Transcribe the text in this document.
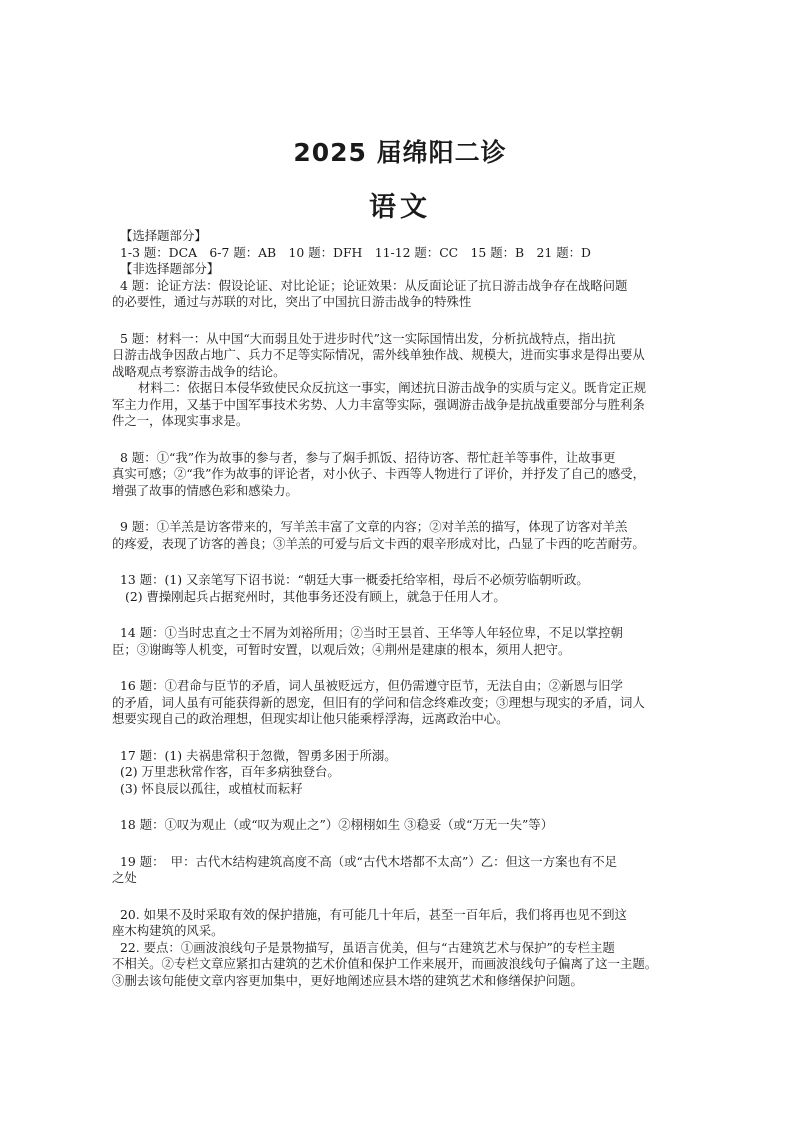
2025 届绵阳二诊
语文
【选择题部分】
1-3 题：DCA　6-7 题：AB　10 题：DFH　11-12 题：CC　15 题：B　21 题：D
【非选择题部分】
4 题：论证方法：假设论证、对比论证；论证效果：从反面论证了抗日游击战争存在战略问题
的必要性，通过与苏联的对比，突出了中国抗日游击战争的特殊性
5 题：材料一：从中国“大而弱且处于进步时代”这一实际国情出发，分析抗战特点，指出抗
日游击战争因敌占地广、兵力不足等实际情况，需外线单独作战、规模大，进而实事求是得出要从
战略观点考察游击战争的结论。
材料二：依据日本侵华致使民众反抗这一事实，阐述抗日游击战争的实质与定义。既肯定正规
军主力作用，又基于中国军事技术劣势、人力丰富等实际，强调游击战争是抗战重要部分与胜利条
件之一，体现实事求是。
8 题：①“我”作为故事的参与者，参与了焖手抓饭、招待访客、帮忙赶羊等事件，让故事更
真实可感；②“我”作为故事的评论者，对小伙子、卡西等人物进行了评价，并抒发了自己的感受，
增强了故事的情感色彩和感染力。
9 题：①羊羔是访客带来的，写羊羔丰富了文章的内容；②对羊羔的描写，体现了访客对羊羔
的疼爱，表现了访客的善良；③羊羔的可爱与后文卡西的艰辛形成对比，凸显了卡西的吃苦耐劳。
13 题：(1) 又亲笔写下诏书说：“朝廷大事一概委托给宰相，母后不必烦劳临朝听政。
(2) 曹操刚起兵占据兖州时，其他事务还没有顾上，就急于任用人才。
14 题：①当时忠直之士不屑为刘裕所用；②当时王昙首、王华等人年轻位卑，不足以掌控朝
臣；③谢晦等人机变，可暂时安置，以观后效；④荆州是建康的根本，须用人把守。
16 题：①君命与臣节的矛盾，词人虽被贬远方，但仍需遵守臣节，无法自由；②新恩与旧学
的矛盾，词人虽有可能获得新的恩宠，但旧有的学问和信念终难改变；③理想与现实的矛盾，词人
想要实现自己的政治理想，但现实却让他只能乘桴浮海，远离政治中心。
17 题：(1) 夫祸患常积于忽微，智勇多困于所溺。
(2) 万里悲秋常作客，百年多病独登台。
(3) 怀良辰以孤往，或植杖而耘耔
18 题：①叹为观止（或“叹为观止之”）②栩栩如生 ③稳妥（或“万无一失”等）
19 题：　甲：古代木结构建筑高度不高（或“古代木塔都不太高”）乙：但这一方案也有不足
之处
20. 如果不及时采取有效的保护措施，有可能几十年后，甚至一百年后，我们将再也见不到这
座木构建筑的风采。
22. 要点：①画波浪线句子是景物描写，虽语言优美，但与“古建筑艺术与保护”的专栏主题
不相关。②专栏文章应紧扣古建筑的艺术价值和保护工作来展开，而画波浪线句子偏离了这一主题。
③删去该句能使文章内容更加集中，更好地阐述应县木塔的建筑艺术和修缮保护问题。
